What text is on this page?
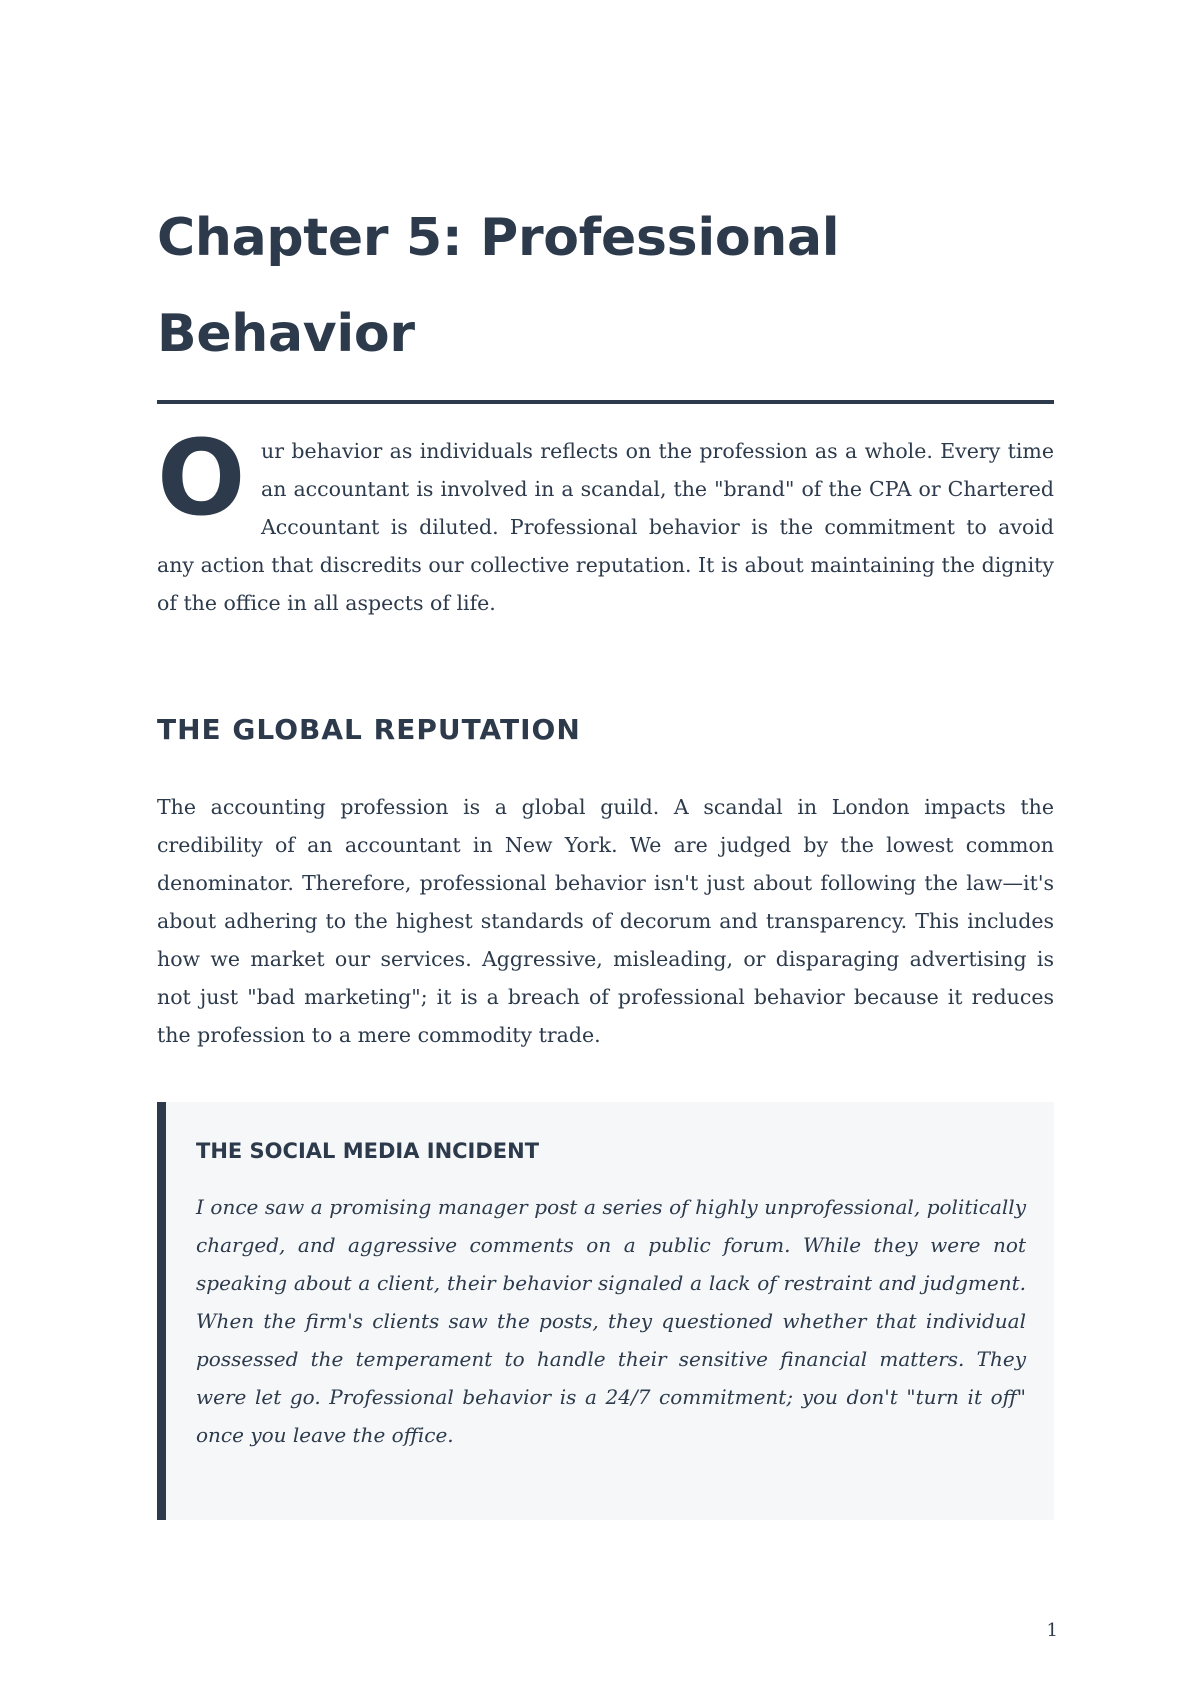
Chapter 5: Professional Behavior
O ur behavior as individuals reflects on the profession as a whole. Every time an accountant is involved in a scandal, the "brand" of the CPA or Chartered Accountant is diluted. Professional behavior is the commitment to avoid any action that discredits our collective reputation. It is about maintaining the dignity of the office in all aspects of life.
THE GLOBAL REPUTATION

The accounting profession is a global guild. A scandal in London impacts the credibility of an accountant in New York. We are judged by the lowest common denominator. Therefore, professional behavior isn't just about following the law—it's about adhering to the highest standards of decorum and transparency. This includes how we market our services. Aggressive, misleading, or disparaging advertising is not just "bad marketing"; it is a breach of professional behavior because it reduces the profession to a mere commodity trade.

THE SOCIAL MEDIA INCIDENT

I once saw a promising manager post a series of highly unprofessional, politically charged, and aggressive comments on a public forum. While they were not speaking about a client, their behavior signaled a lack of restraint and judgment. When the firm's clients saw the posts, they questioned whether that individual possessed the temperament to handle their sensitive financial matters. They were let go. Professional behavior is a 24/7 commitment; you don't "turn it off" once you leave the office.

1
